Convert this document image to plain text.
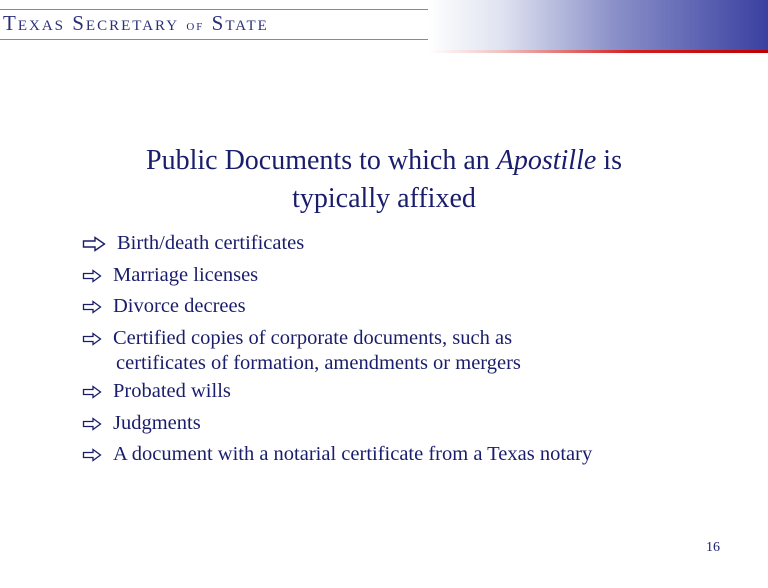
Texas Secretary of State
Public Documents to which an Apostille is
typically affixed
Birth/death certificates
Marriage licenses
Divorce decrees
Certified copies of corporate documents, such as
certificates of formation, amendments or mergers
Probated wills
Judgments
A document with a notarial certificate from a Texas notary
16
